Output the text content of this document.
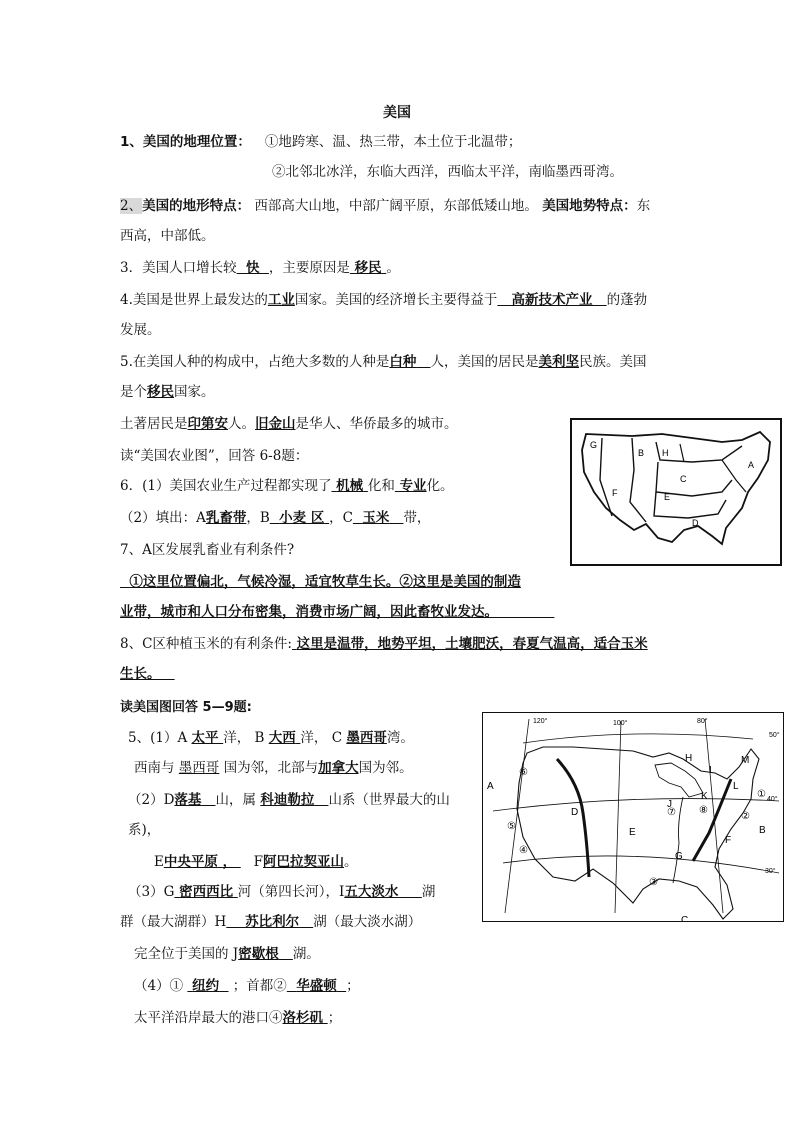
美国
1、美国的地理位置： ①地跨寒、温、热三带，本土位于北温带；
②北邻北冰洋，东临大西洋，西临太平洋，南临墨西哥湾。
2、美国的地形特点： 西部高大山地，中部广阔平原，东部低矮山地。 美国地势特点：东
西高，中部低。
3．美国人口增长较 快 ，主要原因是 移民 。
4.美国是世界上最发达的工业国家。美国的经济增长主要得益于 高新技术产业 的蓬勃
发展。
5.在美国人种的构成中，占绝大多数的人种是白种 人，美国的居民是美利坚民族。美国
是个移民国家。
土著居民是印第安人。旧金山是华人、华侨最多的城市。
读“美国农业图”，回答 6-8题：
6．(1）美国农业生产过程都实现了 机械 化和 专业化。
（2）填出：A乳畜带，B 小麦 区 ，C 玉米 带，
7、A区发展乳畜业有利条件?
①这里位置偏北，气候冷湿，适宜牧草生长。②这里是美国的制造
业带，城市和人口分布密集，消费市场广阔，因此畜牧业发达。
8、C区种植玉米的有利条件: 这里是温带，地势平坦，土壤肥沃，春夏气温高，适合玉米
生长。
读美国图回答 5—9题:
5、(1）A 太平 洋， B 大西 洋， C 墨西哥湾。
西南与 墨西哥 国为邻，北部与加拿大国为邻。
（2）D落基 山，属 科迪勒拉 山系（世界最大的山
系)，
E中央平原 ， F阿巴拉契亚山。
（3）G 密西西比 河（第四长河），I五大淡水 湖
群（最大湖群）H 苏比利尔 湖（最大淡水湖）
完全位于美国的 J密歇根 湖。
（4）① 纽约 ；首都② 华盛顿 ；
太平洋沿岸最大的港口④洛杉矶 ；
G
F
B
E
C
A
H
D
120°	100°	80°
50°
40°
30°
A
B
C
D
E
F
G
H
I
J
K
L
M
①
②
③
④
⑤
⑥
⑦ ⑧
